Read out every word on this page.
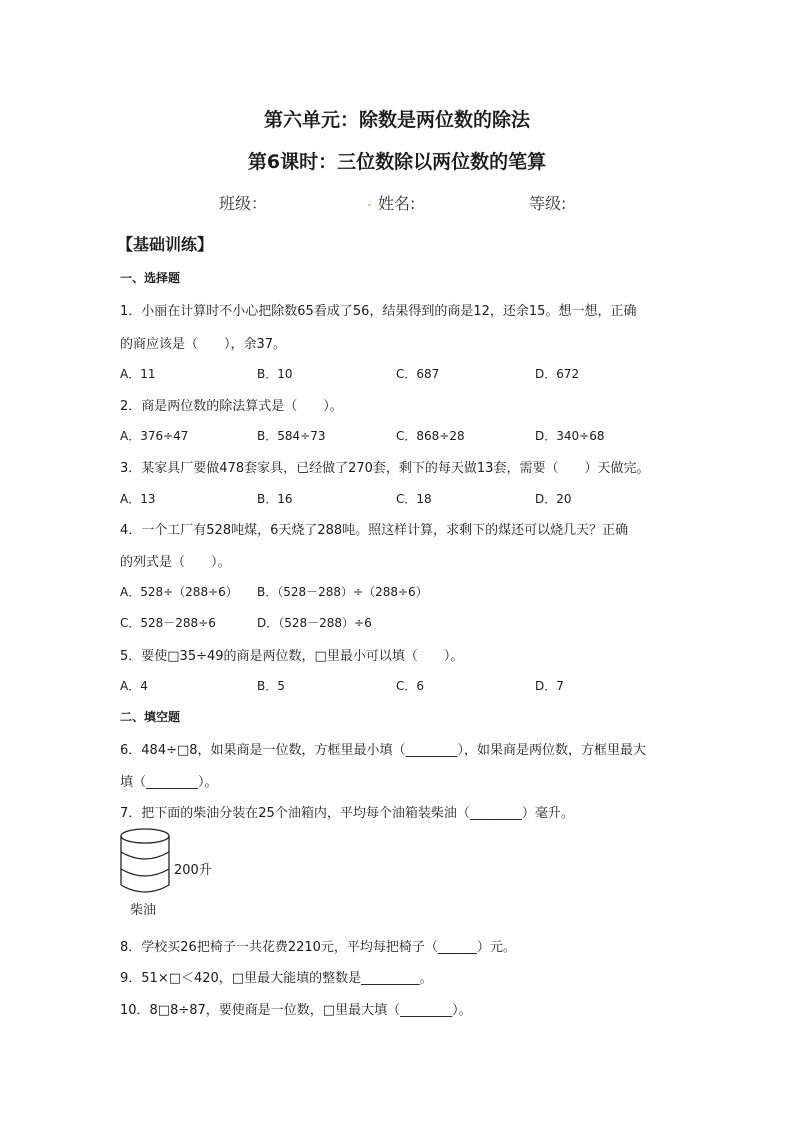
第六单元：除数是两位数的除法
第6课时：三位数除以两位数的笔算
班级：	. 姓名:	等级:
【基础训练】
一、选择题
1．小丽在计算时不小心把除数65看成了56，结果得到的商是12，还余15。想一想，正确
的商应该是（　　），余37。
A．11	B．10	C．687	D．672
2．商是两位数的除法算式是（　　）。
A．376÷47	B．584÷73	C．868÷28	D．340÷68
3．某家具厂要做478套家具，已经做了270套，剩下的每天做13套，需要（　　）天做完。
A．13	B．16	C．18	D．20
4．一个工厂有528吨煤，6天烧了288吨。照这样计算，求剩下的煤还可以烧几天？正确
的列式是（　　）。
A．528÷（288÷6） B．（528－288）÷（288÷6）
C．528－288÷6	D．（528－288）÷6
5．要使□35÷49的商是两位数，□里最小可以填（　　）。
A．4	B．5	C．6	D．7
二、填空题
6．484÷□8，如果商是一位数，方框里最小填（________），如果商是两位数，方框里最大
填（________）。
7．把下面的柴油分装在25个油箱内，平均每个油箱装柴油（________）毫升。
200升
柴油
8．学校买26把椅子一共花费2210元，平均每把椅子（______）元。
9．51×□＜420，□里最大能填的整数是_________。
10．8□8÷87，要使商是一位数，□里最大填（________）。
